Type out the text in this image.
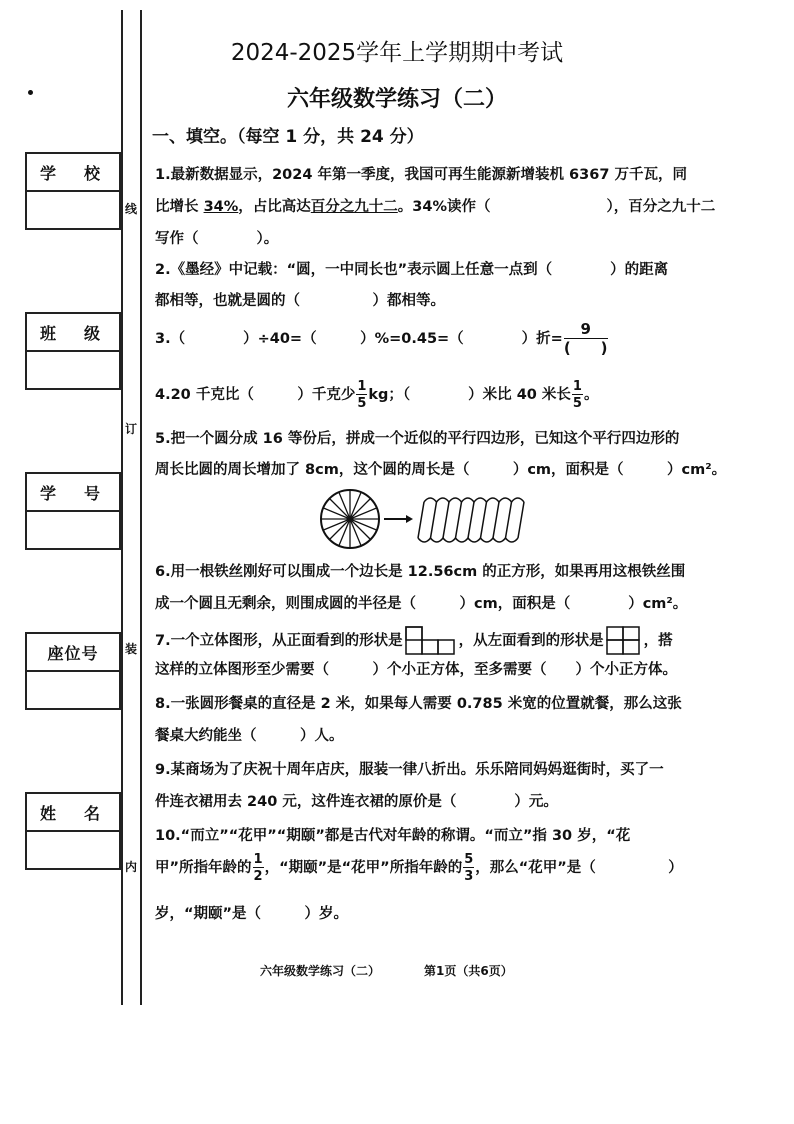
线
订
装
内
学　校
班　级
学　号
座位号
姓　名
2024-2025学年上学期期中考试
六年级数学练习（二）
一、填空。（每空 1 分，共 24 分）
1.最新数据显示，2024 年第一季度，我国可再生能源新增装机 6367 万千瓦，同
比增长 34%，占比高达百分之九十二。34%读作（　　　　　　　　），百分之九十二
写作（　　　　）。
2.《墨经》中记载：“圆，一中同长也”表示圆上任意一点到（　　　　）的距离
都相等，也就是圆的（　　　　　）都相等。
3.（　　　　）÷40=（　　　）%=0.45=（　　　　）折= $\frac{9}{( )}$
4.20 千克比（　　　）千克少 $\frac{1}{5}$ kg；（　　　　）米比 40 米长 $\frac{1}{5}$ 。
5.把一个圆分成 16 等份后，拼成一个近似的平行四边形，已知这个平行四边形的
周长比圆的周长增加了 8cm，这个圆的周长是（　　　）cm，面积是（　　　）cm²。
6.用一根铁丝刚好可以围成一个边长是 12.56cm 的正方形，如果再用这根铁丝围
成一个圆且无剩余，则围成圆的半径是（　　　）cm，面积是（　　　　）cm²。
7.一个立体图形，从正面看到的形状是	，从左面看到的形状是	，搭
这样的立体图形至少需要（　　　）个小正方体，至多需要（　　）个小正方体。
8.一张圆形餐桌的直径是 2 米，如果每人需要 0.785 米宽的位置就餐，那么这张
餐桌大约能坐（　　　）人。
9.某商场为了庆祝十周年店庆，服装一律八折出。乐乐陪同妈妈逛街时，买了一
件连衣裙用去 240 元，这件连衣裙的原价是（　　　　）元。
10.“而立”“花甲”“期颐”都是古代对年龄的称谓。“而立”指 30 岁，“花
甲”所指年龄的 $\frac{1}{2}$ ，“期颐”是“花甲”所指年龄的 $\frac{5}{3}$ ，那么“花甲”是（　　　　　）
岁，“期颐”是（　　　）岁。
六年级数学练习（二）	第1页（共6页）
